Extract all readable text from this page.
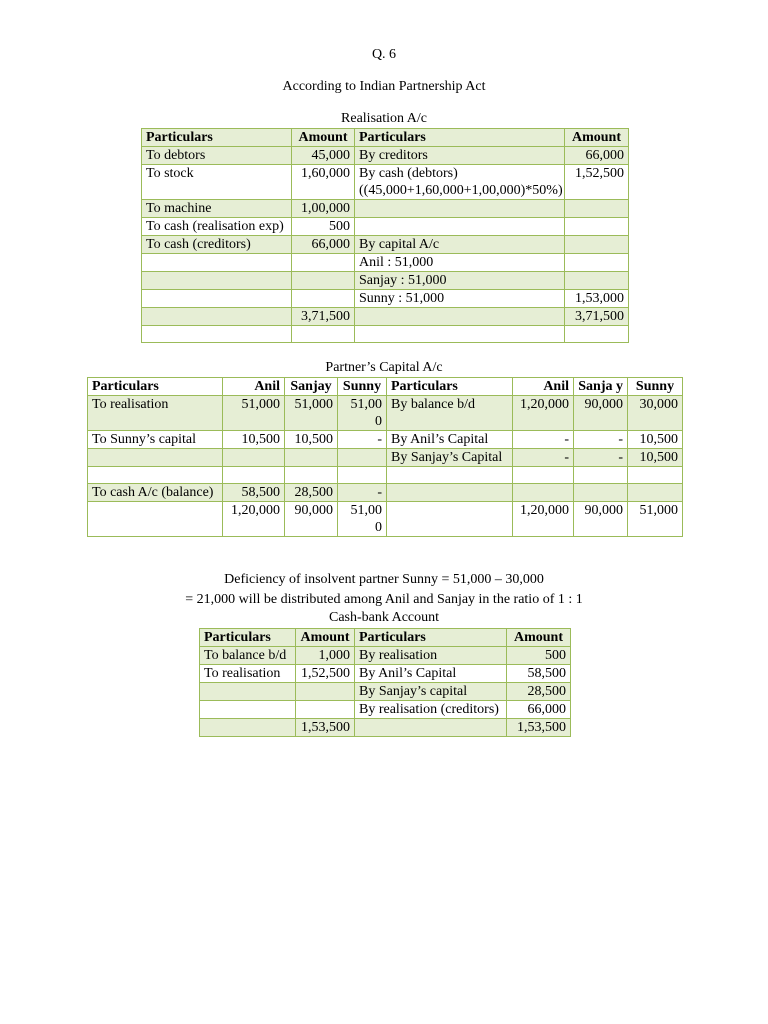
Q. 6
According to Indian Partnership Act
Realisation A/c
Particulars	Amount	Particulars	Amount
To debtors	45,000	By creditors	66,000
To stock	1,60,000	By cash (debtors) ((45,000+1,60,000+1,00,000)*50%)	1,52,500
To machine	1,00,000		
To cash (realisation exp)	500		
To cash (creditors)	66,000	By capital A/c	
		Anil : 51,000	
		Sanjay : 51,000	
		Sunny : 51,000	1,53,000
	3,71,500		3,71,500

Partner’s Capital A/c
Particulars	Anil	Sanjay	Sunny	Particulars	Anil	Sanja y	Sunny
To realisation	51,000	51,000	51,00 0	By balance b/d	1,20,000	90,000	30,000
To Sunny’s capital	10,500	10,500	-	By Anil’s Capital	-	-	10,500
				By Sanjay’s Capital	-	-	10,500

To cash A/c (balance)	58,500	28,500	-				
	1,20,000	90,000	51,00 0		1,20,000	90,000	51,000
Deficiency of insolvent partner Sunny = 51,000 – 30,000
= 21,000 will be distributed among Anil and Sanjay in the ratio of 1 : 1
Cash-bank Account
Particulars	Amount	Particulars	Amount
To balance b/d	1,000	By realisation	500
To realisation	1,52,500	By Anil’s Capital	58,500
		By Sanjay’s capital	28,500
		By realisation (creditors)	66,000
	1,53,500		1,53,500
